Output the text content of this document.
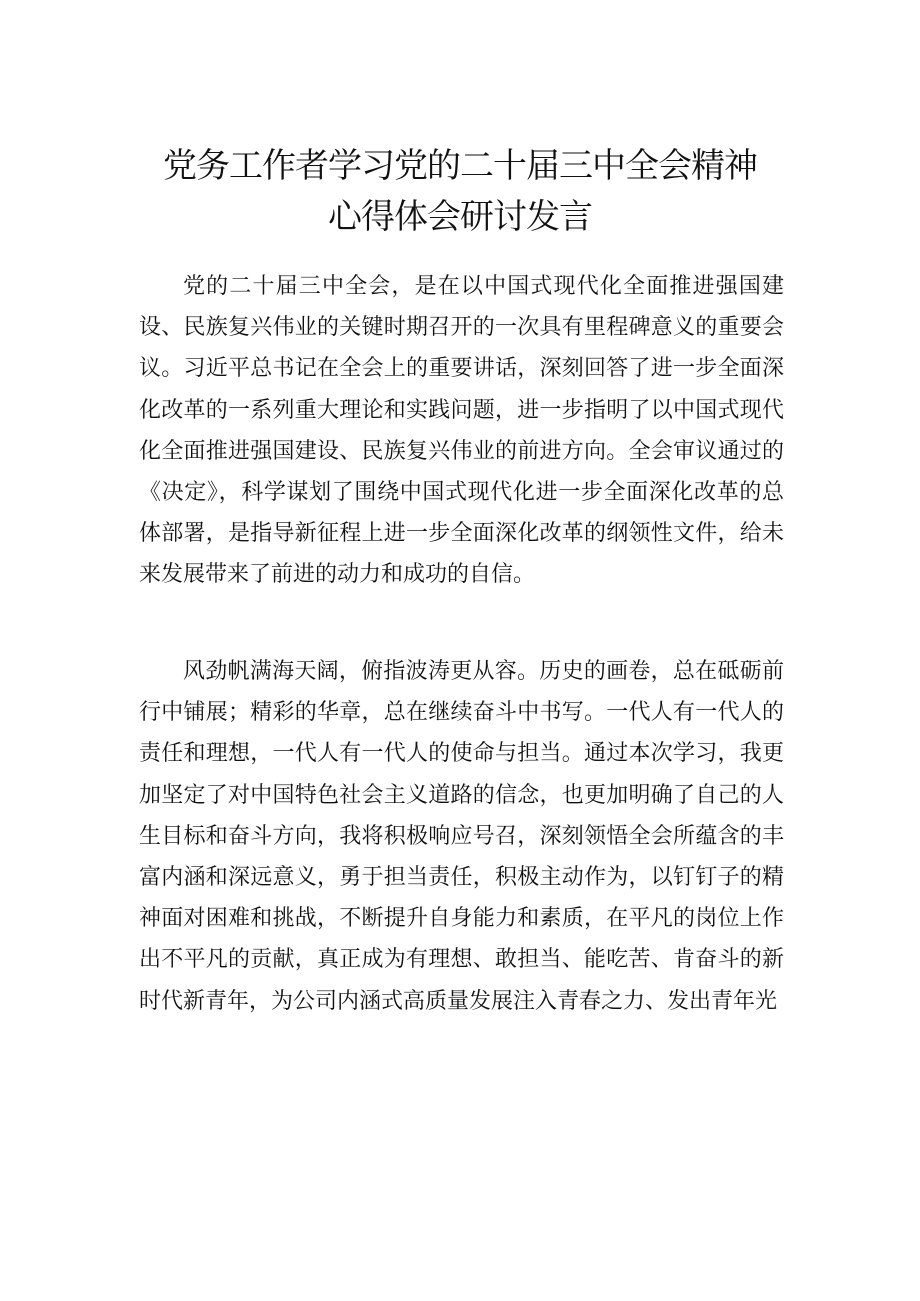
党务工作者学习党的二十届三中全会精神
心得体会研讨发言

党的二十届三中全会，是在以中国式现代化全面推进强国建设、民族复兴伟业的关键时期召开的一次具有里程碑意义的重要会议。习近平总书记在全会上的重要讲话，深刻回答了进一步全面深化改革的一系列重大理论和实践问题，进一步指明了以中国式现代化全面推进强国建设、民族复兴伟业的前进方向。全会审议通过的《决定》，科学谋划了围绕中国式现代化进一步全面深化改革的总体部署，是指导新征程上进一步全面深化改革的纲领性文件，给未来发展带来了前进的动力和成功的自信。

风劲帆满海天阔，俯指波涛更从容。历史的画卷，总在砥砺前行中铺展；精彩的华章，总在继续奋斗中书写。一代人有一代人的责任和理想，一代人有一代人的使命与担当。通过本次学习，我更加坚定了对中国特色社会主义道路的信念，也更加明确了自己的人生目标和奋斗方向，我将积极响应号召，深刻领悟全会所蕴含的丰富内涵和深远意义，勇于担当责任，积极主动作为，以钉钉子的精神面对困难和挑战，不断提升自身能力和素质，在平凡的岗位上作出不平凡的贡献，真正成为有理想、敢担当、能吃苦、肯奋斗的新时代新青年，为公司内涵式高质量发展注入青春之力、发出青年光
